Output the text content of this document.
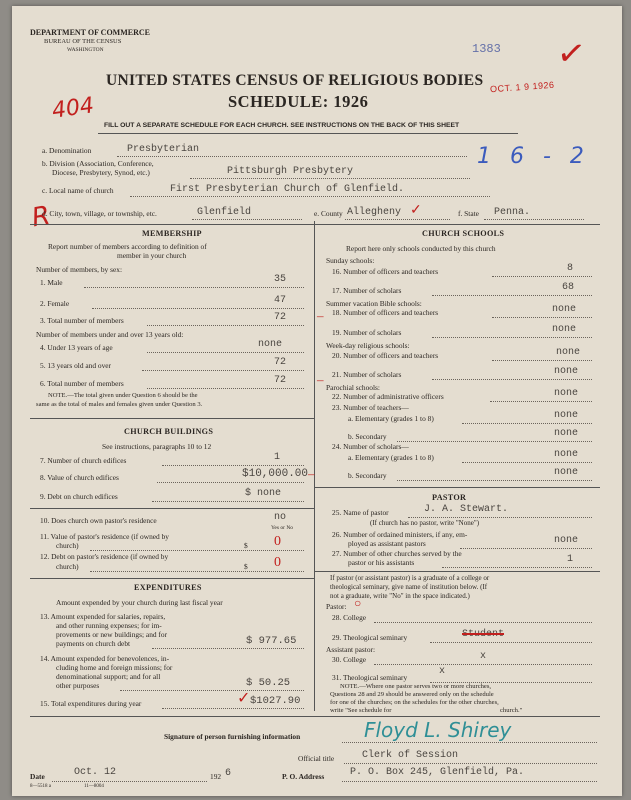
DEPARTMENT OF COMMERCE
BUREAU OF THE CENSUS
WASHINGTON	1383 ✓
UNITED STATES CENSUS OF RELIGIOUS BODIES
SCHEDULE: 1926
OCT. 1 9 1926
404
FILL OUT A SEPARATE SCHEDULE FOR EACH CHURCH. SEE INSTRUCTIONS ON THE BACK OF THIS SHEET
1 6 - 2
R
a. Denomination	Presbyterian
b. Division (Association, Conference,
Diocese, Presbytery, Synod, etc.)	Pittsburgh Presbytery
c. Local name of church	First Presbyterian Church of Glenfield.
d. City, town, village, or township, etc.	Glenfield	e. County Allegheny ✓	f. State Penna.
MEMBERSHIP
Report number of members according to definition of
member in your church
Number of members, by sex:
1. Male	35
2. Female	47
3. Total number of members	72 –
Number of members under and over 13 years old:
4. Under 13 years of age	none
5. 13 years old and over	72
6. Total number of members	72 –
NOTE.—The total given under Question 6 should be the
same as the total of males and females given under Question 3.
CHURCH BUILDINGS
See instructions, paragraphs 10 to 12
7. Number of church edifices	1
8. Value of church edifices	$10,000.00 –
9. Debt on church edifices	$ none
10. Does church own pastor's residence	no
Yes or No
11. Value of pastor's residence (if owned by
church)	$ 0
12. Debt on pastor's residence (if owned by
church)	$ 0
EXPENDITURES
Amount expended by your church during last fiscal year
13. Amount expended for salaries, repairs,
and other running expenses; for im-
provements or new buildings; and for
payments on church debt	$ 977.65
14. Amount expended for benevolences, in-
cluding home and foreign missions; for
denominational support; and for all
other purposes	$ 50.25
15. Total expenditures during year	$1027.90
✓
CHURCH SCHOOLS
Report here only schools conducted by this church
Sunday schools:
16. Number of officers and teachers	8
17. Number of scholars	68
Summer vacation Bible schools:
18. Number of officers and teachers	none
19. Number of scholars	none
Week-day religious schools:
20. Number of officers and teachers	none
21. Number of scholars	none
Parochial schools:
22. Number of administrative officers	none
23. Number of teachers—
a. Elementary (grades 1 to 8)	none
b. Secondary	none
24. Number of scholars—
a. Elementary (grades 1 to 8)	none
b. Secondary	none
PASTOR
25. Name of pastor	J. A. Stewart.
(If church has no pastor, write "None")
26. Number of ordained ministers, if any, em-
ployed as assistant pastors	none
27. Number of other churches served by the
pastor or his assistants	1
If pastor (or assistant pastor) is a graduate of a college or
theological seminary, give name of institution below. (If
not a graduate, write "No" in the space indicated.)
Pastor: ○
28. College
29. Theological seminary	Student
Assistant pastor:
30. College	x
31. Theological seminary
x
NOTE.—Where one pastor serves two or more churches,
Questions 28 and 29 should be answered only on the schedule
for one of the churches; on the schedules for the other churches,
write "See schedule for	church."
Signature of person furnishing information	Floyd L. Shirey
Official title	Clerk of Session
Date	Oct. 12	192 6	P. O. Address	P. O. Box 245, Glenfield, Pa.
8—5518 a	11—8004
